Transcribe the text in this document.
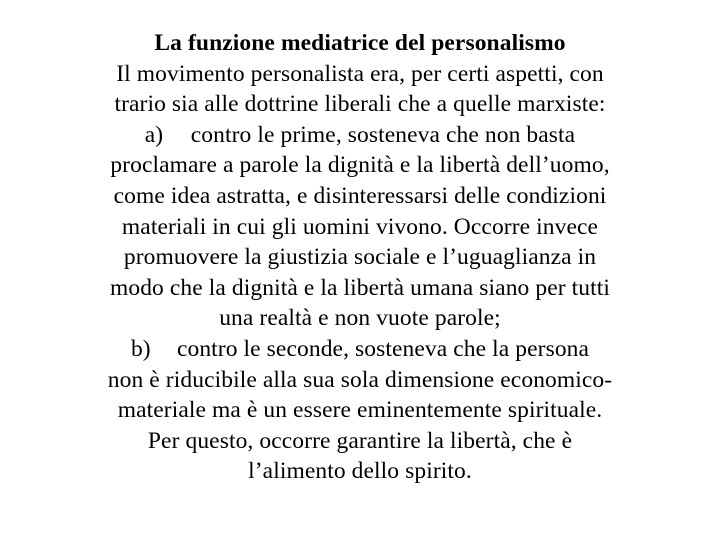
La funzione mediatrice del personalismo
Il movimento personalista era, per certi aspetti, con
trario sia alle dottrine liberali che a quelle marxiste:
a) contro le prime, sosteneva che non basta
proclamare a parole la dignità e la libertà dell’uomo,
come idea astratta, e disinteressarsi delle condizioni
materiali in cui gli uomini vivono. Occorre invece
promuovere la giustizia sociale e l’uguaglianza in
modo che la dignità e la libertà umana siano per tutti
una realtà e non vuote parole;
b) contro le seconde, sosteneva che la persona
non è riducibile alla sua sola dimensione economico-
materiale ma è un essere eminentemente spirituale.
Per questo, occorre garantire la libertà, che è
l’alimento dello spirito.
